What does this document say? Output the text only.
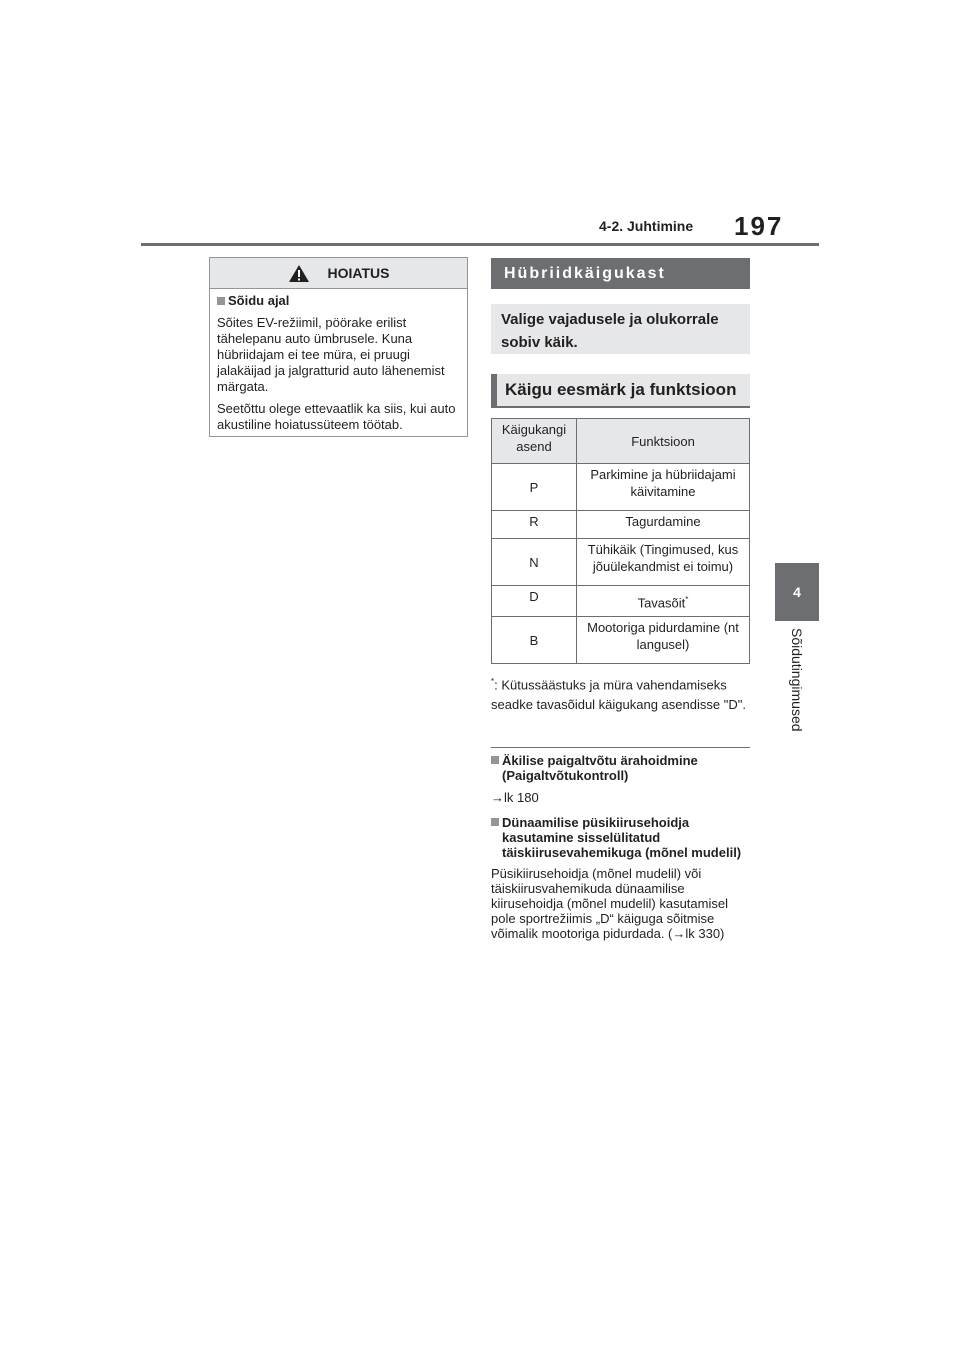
4-2. Juhtimine 197
4
Sõidutingimused
HOIATUS

Sõidu ajal

Sõites EV-režiimil, pöörake erilist tähelepanu auto ümbrusele. Kuna hübriidajam ei tee müra, ei pruugi jalakäijad ja jalgratturid auto lähenemist märgata.

Seetõttu olege ettevaatlik ka siis, kui auto akustiline hoiatussüteem töötab.

Hübriidkäigukast
Valige vajadusele ja olukorrale sobiv käik.
Käigu eesmärk ja funktsioon
Käigukangi asend	Funktsioon
P	Parkimine ja hübriidajami käivitamine
R	Tagurdamine
N	Tühikäik (Tingimused, kus jõuülekandmist ei toimu)
D	Tavasõit*
B	Mootoriga pidurdamine (nt langusel)
*: Kütussäästuks ja müra vahendamiseks seadke tavasõidul käigukang asendisse "D".
Äkilise paigaltvõtu ärahoidmine (Paigaltvõtukontroll)

→lk 180

Dünaamilise püsikiirusehoidja kasutamine sisselülitatud täiskiirusevahemikuga (mõnel mudelil)

Püsikiirusehoidja (mõnel mudelil) või täiskiirusvahemikuda dünaamilise kiirusehoidja (mõnel mudelil) kasutamisel pole sportrežiimis „D“ käiguga sõitmise võimalik mootoriga pidurdada. (→lk 330)
